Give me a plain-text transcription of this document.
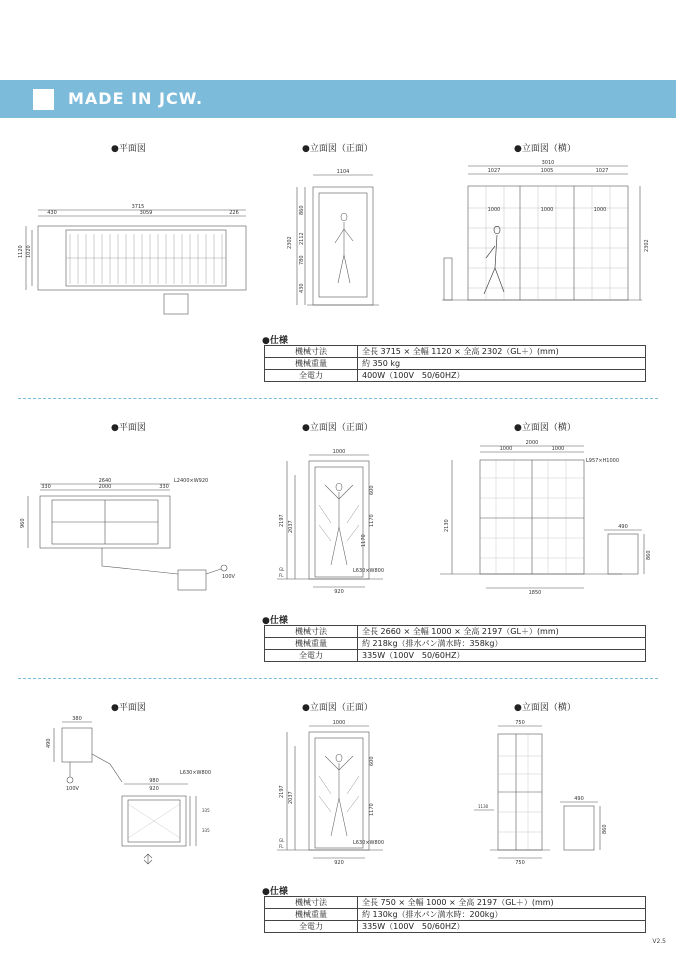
MADE IN JCW.
●平面図	●立面図（正面）	●立面図（横）
3715
430	3059	226
1120 1020
1104
2302
860
2112
780
430
3010
1027	1005	1027
1000	1000	1000
2302
●仕様
機械寸法	全長 3715 × 全幅 1120 × 全高 2302（GL＋）(mm)
機械重量	約 350 kg
全電力	400W（100V　50/60HZ）
●平面図	●立面図（正面）	●立面図（横）
2640
330	2000	330
L2400×W920
960
100V
1000
2197 2037
600
1170
1170
L630×W800
920
GL
FL
2000
1000	1000
L957×H1000
2130
1850
490
860
●仕様
機械寸法	全長 2660 × 全幅 1000 × 全高 2197（GL＋）(mm)
機械重量	約 218kg（排水パン満水時：358kg）
全電力	335W（100V　50/60HZ）
●平面図	●立面図（正面）	●立面図（横）
380
490
100V
L630×W800
980
920
335
335
1000
2197 2037
600
1170
L630×W800
920
GL
FL
750
490
860
750
1130
●仕様
機械寸法	全長 750 × 全幅 1000 × 全高 2197（GL＋）(mm)
機械重量	約 130kg（排水パン満水時：200kg）
全電力	335W（100V　50/60HZ）
V2.5
